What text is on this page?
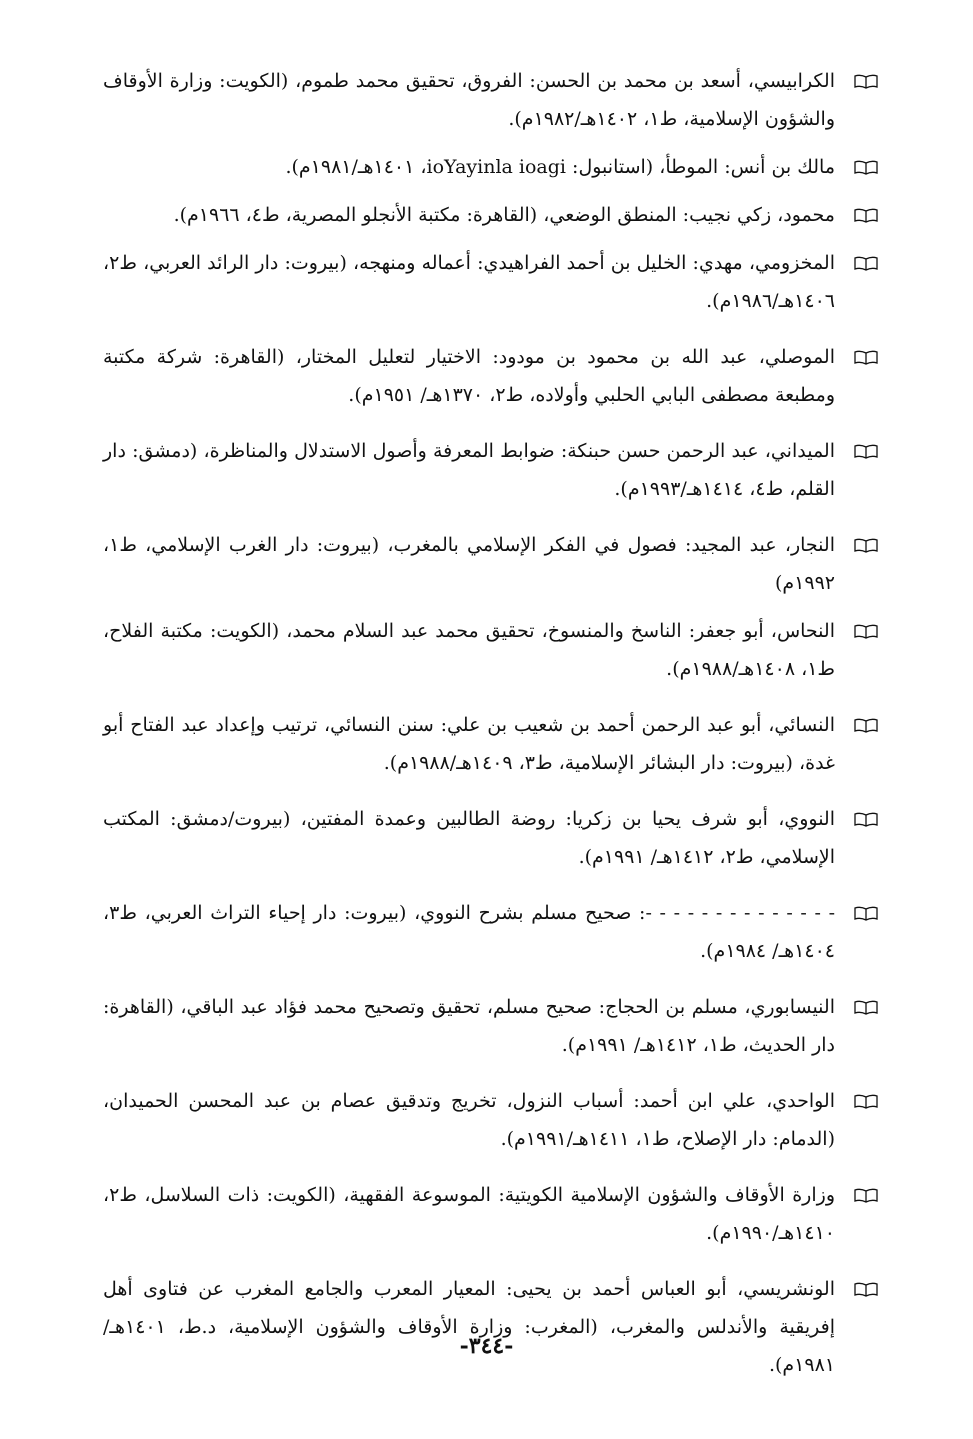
الكرابيسي، أسعد بن محمد بن الحسن: الفروق، تحقيق محمد طموم، (الكويت: وزارة الأوقاف والشؤون الإسلامية، ط١، ١٤٠٢هـ/١٩٨٢م).
مالك بن أنس: الموطأ، (استانبول: ioYayinla ioagi، ١٤٠١هـ/١٩٨١م).
محمود، زكي نجيب: المنطق الوضعي، (القاهرة: مكتبة الأنجلو المصرية، ط٤، ١٩٦٦م).
المخزومي، مهدي: الخليل بن أحمد الفراهيدي: أعماله ومنهجه، (بيروت: دار الرائد العربي، ط٢، ١٤٠٦هـ/١٩٨٦م).
الموصلي، عبد الله بن محمود بن مودود: الاختيار لتعليل المختار، (القاهرة: شركة مكتبة ومطبعة مصطفى البابي الحلبي وأولاده، ط٢، ١٣٧٠هـ/ ١٩٥١م).
الميداني، عبد الرحمن حسن حبنكة: ضوابط المعرفة وأصول الاستدلال والمناظرة، (دمشق: دار القلم، ط٤، ١٤١٤هـ/١٩٩٣م).
النجار، عبد المجيد: فصول في الفكر الإسلامي بالمغرب، (بيروت: دار الغرب الإسلامي، ط١، ١٩٩٢م)
النحاس، أبو جعفر: الناسخ والمنسوخ، تحقيق محمد عبد السلام محمد، (الكويت: مكتبة الفلاح، ط١، ١٤٠٨هـ/١٩٨٨م).
النسائي، أبو عبد الرحمن أحمد بن شعيب بن علي: سنن النسائي، ترتيب وإعداد عبد الفتاح أبو غدة، (بيروت: دار البشائر الإسلامية، ط٣، ١٤٠٩هـ/١٩٨٨م).
النووي، أبو شرف يحيا بن زكريا: روضة الطالبين وعمدة المفتين، (بيروت/دمشق: المكتب الإسلامي، ط٢، ١٤١٢هـ/ ١٩٩١م).
- - - - - - - - - - - - - -: صحيح مسلم بشرح النووي، (بيروت: دار إحياء التراث العربي، ط٣، ١٤٠٤هـ/ ١٩٨٤م).
النيسابوري، مسلم بن الحجاج: صحيح مسلم، تحقيق وتصحيح محمد فؤاد عبد الباقي، (القاهرة: دار الحديث، ط١، ١٤١٢هـ/ ١٩٩١م).
الواحدي، علي ابن أحمد: أسباب النزول، تخريج وتدقيق عصام بن عبد المحسن الحميدان، (الدمام: دار الإصلاح، ط١، ١٤١١هـ/١٩٩١م).
وزارة الأوقاف والشؤون الإسلامية الكويتية: الموسوعة الفقهية، (الكويت: ذات السلاسل، ط٢، ١٤١٠هـ/١٩٩٠م).
الونشريسي، أبو العباس أحمد بن يحيى: المعيار المعرب والجامع المغرب عن فتاوى أهل إفريقية والأندلس والمغرب، (المغرب: وزارة الأوقاف والشؤون الإسلامية، د.ط، ١٤٠١هـ/١٩٨١م).
-٣٤٤-
